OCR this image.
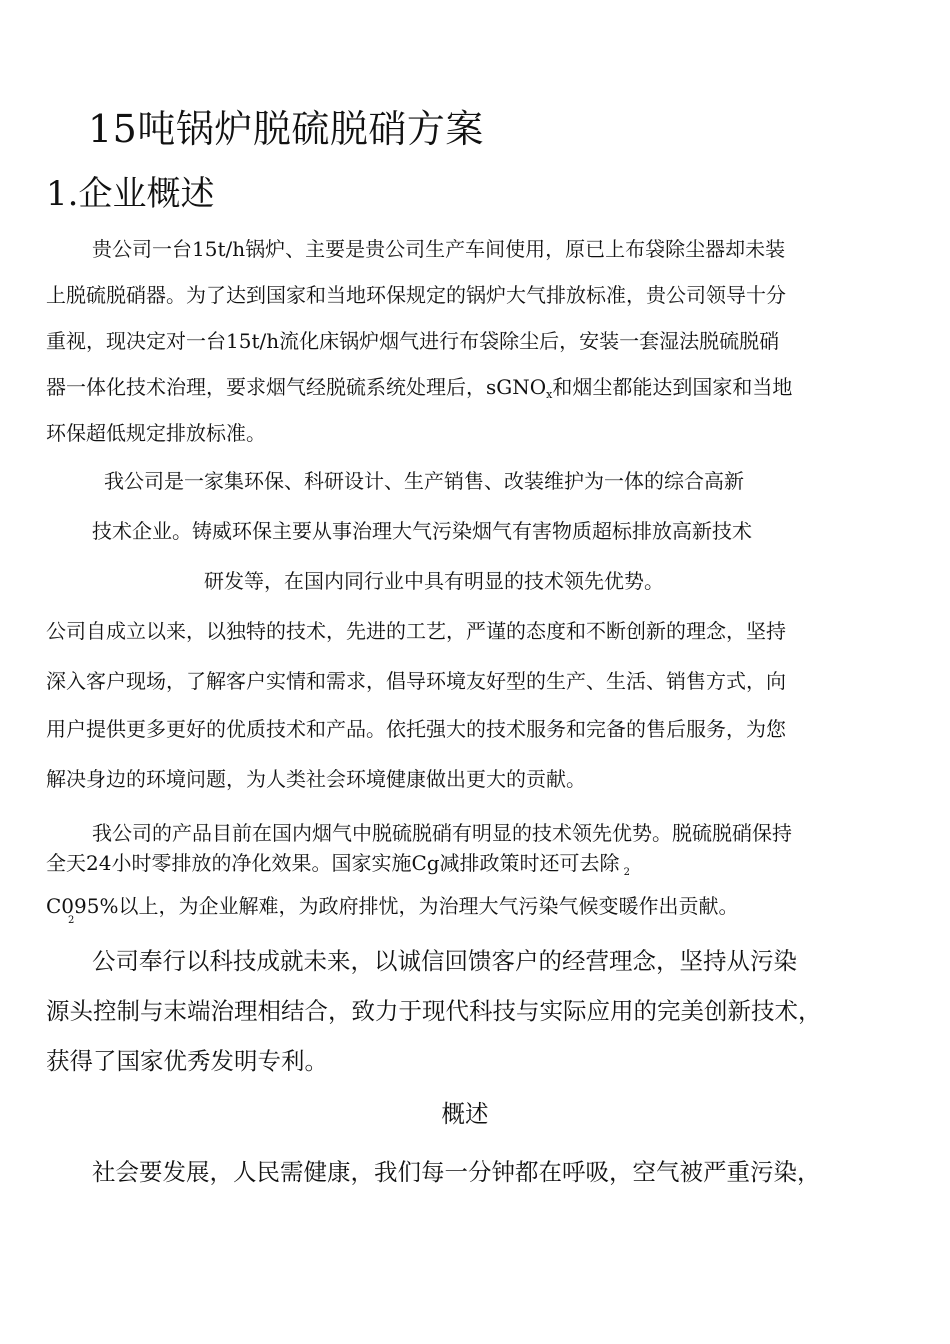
15吨锅炉脱硫脱硝方案
1.企业概述

贵公司一台15t/h锅炉、主要是贵公司生产车间使用，原已上布袋除尘器却未装

上脱硫脱硝器。为了达到国家和当地环保规定的锅炉大气排放标准，贵公司领导十分

重视，现决定对一台15t/h流化床锅炉烟气进行布袋除尘后，安装一套湿法脱硫脱硝

器一体化技术治理，要求烟气经脱硫系统处理后，sGNO$_x$和烟尘都能达到国家和当地

环保超低规定排放标准。

我公司是一家集环保、科研设计、生产销售、改装维护为一体的综合高新

技术企业。铸威环保主要从事治理大气污染烟气有害物质超标排放高新技术

研发等，在国内同行业中具有明显的技术领先优势。

公司自成立以来，以独特的技术，先进的工艺，严谨的态度和不断创新的理念，坚持

深入客户现场，了解客户实情和需求，倡导环境友好型的生产、生活、销售方式，向

用户提供更多更好的优质技术和产品。依托强大的技术服务和完备的售后服务，为您

解决身边的环境问题，为人类社会环境健康做出更大的贡献。

我公司的产品目前在国内烟气中脱硫脱硝有明显的技术领先优势。脱硫脱硝保持

全天24小时零排放的净化效果。国家实施Cg减排政策时还可去除 $_2$

C095%以上，为企业解难，为政府排忧，为治理大气污染气候变暖作出贡献。

2

公司奉行以科技成就未来，以诚信回馈客户的经营理念，坚持从污染

源头控制与末端治理相结合，致力于现代科技与实际应用的完美创新技术，

获得了国家优秀发明专利。

概述

社会要发展，人民需健康，我们每一分钟都在呼吸，空气被严重污染，
